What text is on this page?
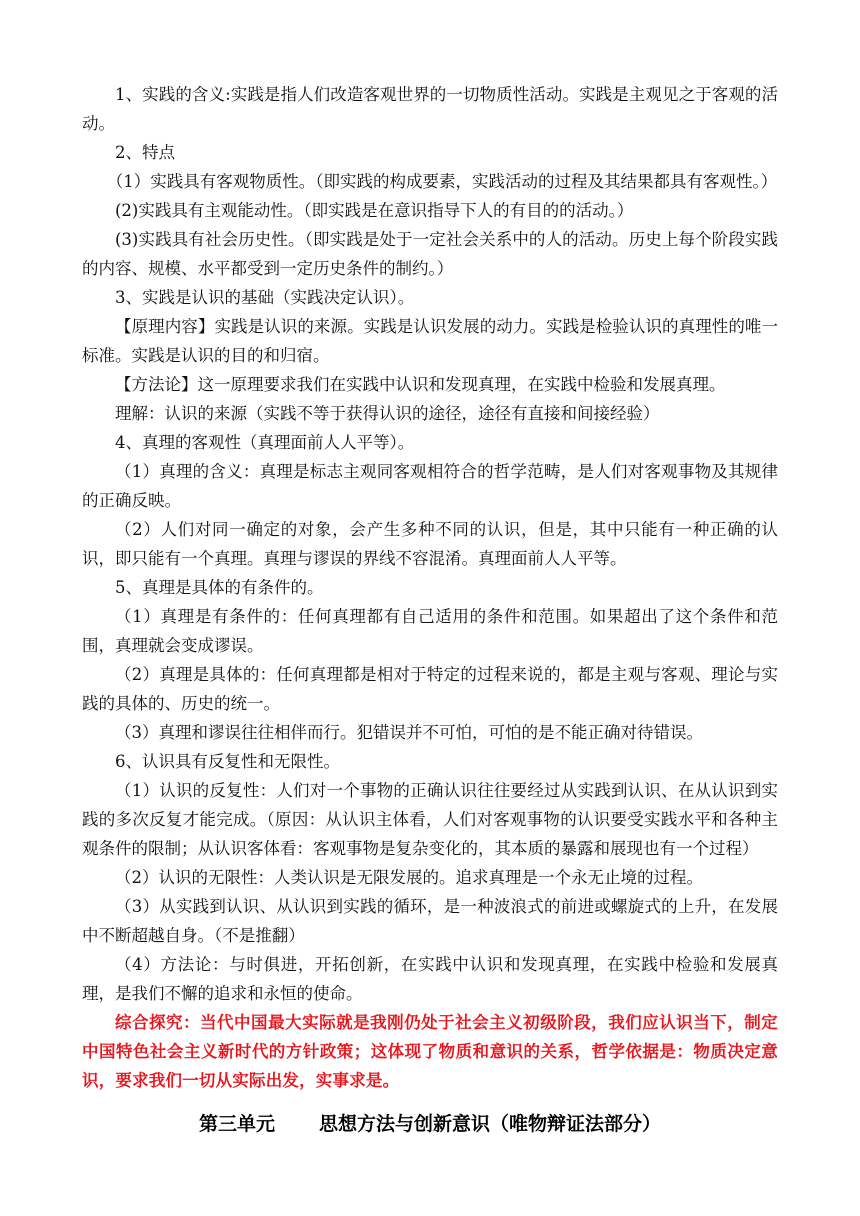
1、实践的含义:实践是指人们改造客观世界的一切物质性活动。实践是主观见之于客观的活动。

2、特点

（1）实践具有客观物质性。（即实践的构成要素，实践活动的过程及其结果都具有客观性。）

(2)实践具有主观能动性。（即实践是在意识指导下人的有目的的活动。）

(3)实践具有社会历史性。（即实践是处于一定社会关系中的人的活动。历史上每个阶段实践的内容、规模、水平都受到一定历史条件的制约。）

3、实践是认识的基础（实践决定认识）。

【原理内容】实践是认识的来源。实践是认识发展的动力。实践是检验认识的真理性的唯一标准。实践是认识的目的和归宿。

【方法论】这一原理要求我们在实践中认识和发现真理，在实践中检验和发展真理。

理解：认识的来源（实践不等于获得认识的途径，途径有直接和间接经验）

4、真理的客观性（真理面前人人平等）。

（1）真理的含义：真理是标志主观同客观相符合的哲学范畴，是人们对客观事物及其规律的正确反映。

（2）人们对同一确定的对象，会产生多种不同的认识，但是，其中只能有一种正确的认识，即只能有一个真理。真理与谬误的界线不容混淆。真理面前人人平等。

5、真理是具体的有条件的。

（1）真理是有条件的：任何真理都有自己适用的条件和范围。如果超出了这个条件和范围，真理就会变成谬误。

（2）真理是具体的：任何真理都是相对于特定的过程来说的，都是主观与客观、理论与实践的具体的、历史的统一。

（3）真理和谬误往往相伴而行。犯错误并不可怕，可怕的是不能正确对待错误。

6、认识具有反复性和无限性。

（1）认识的反复性：人们对一个事物的正确认识往往要经过从实践到认识、在从认识到实践的多次反复才能完成。（原因：从认识主体看，人们对客观事物的认识要受实践水平和各种主观条件的限制；从认识客体看：客观事物是复杂变化的，其本质的暴露和展现也有一个过程）

（2）认识的无限性：人类认识是无限发展的。追求真理是一个永无止境的过程。

（3）从实践到认识、从认识到实践的循环，是一种波浪式的前进或螺旋式的上升，在发展中不断超越自身。（不是推翻）

（4）方法论：与时俱进，开拓创新，在实践中认识和发现真理，在实践中检验和发展真理，是我们不懈的追求和永恒的使命。

综合探究：当代中国最大实际就是我刚仍处于社会主义初级阶段，我们应认识当下，制定中国特色社会主义新时代的方针政策；这体现了物质和意识的关系，哲学依据是：物质决定意识，要求我们一切从实际出发，实事求是。

第三单元 思想方法与创新意识（唯物辩证法部分）
